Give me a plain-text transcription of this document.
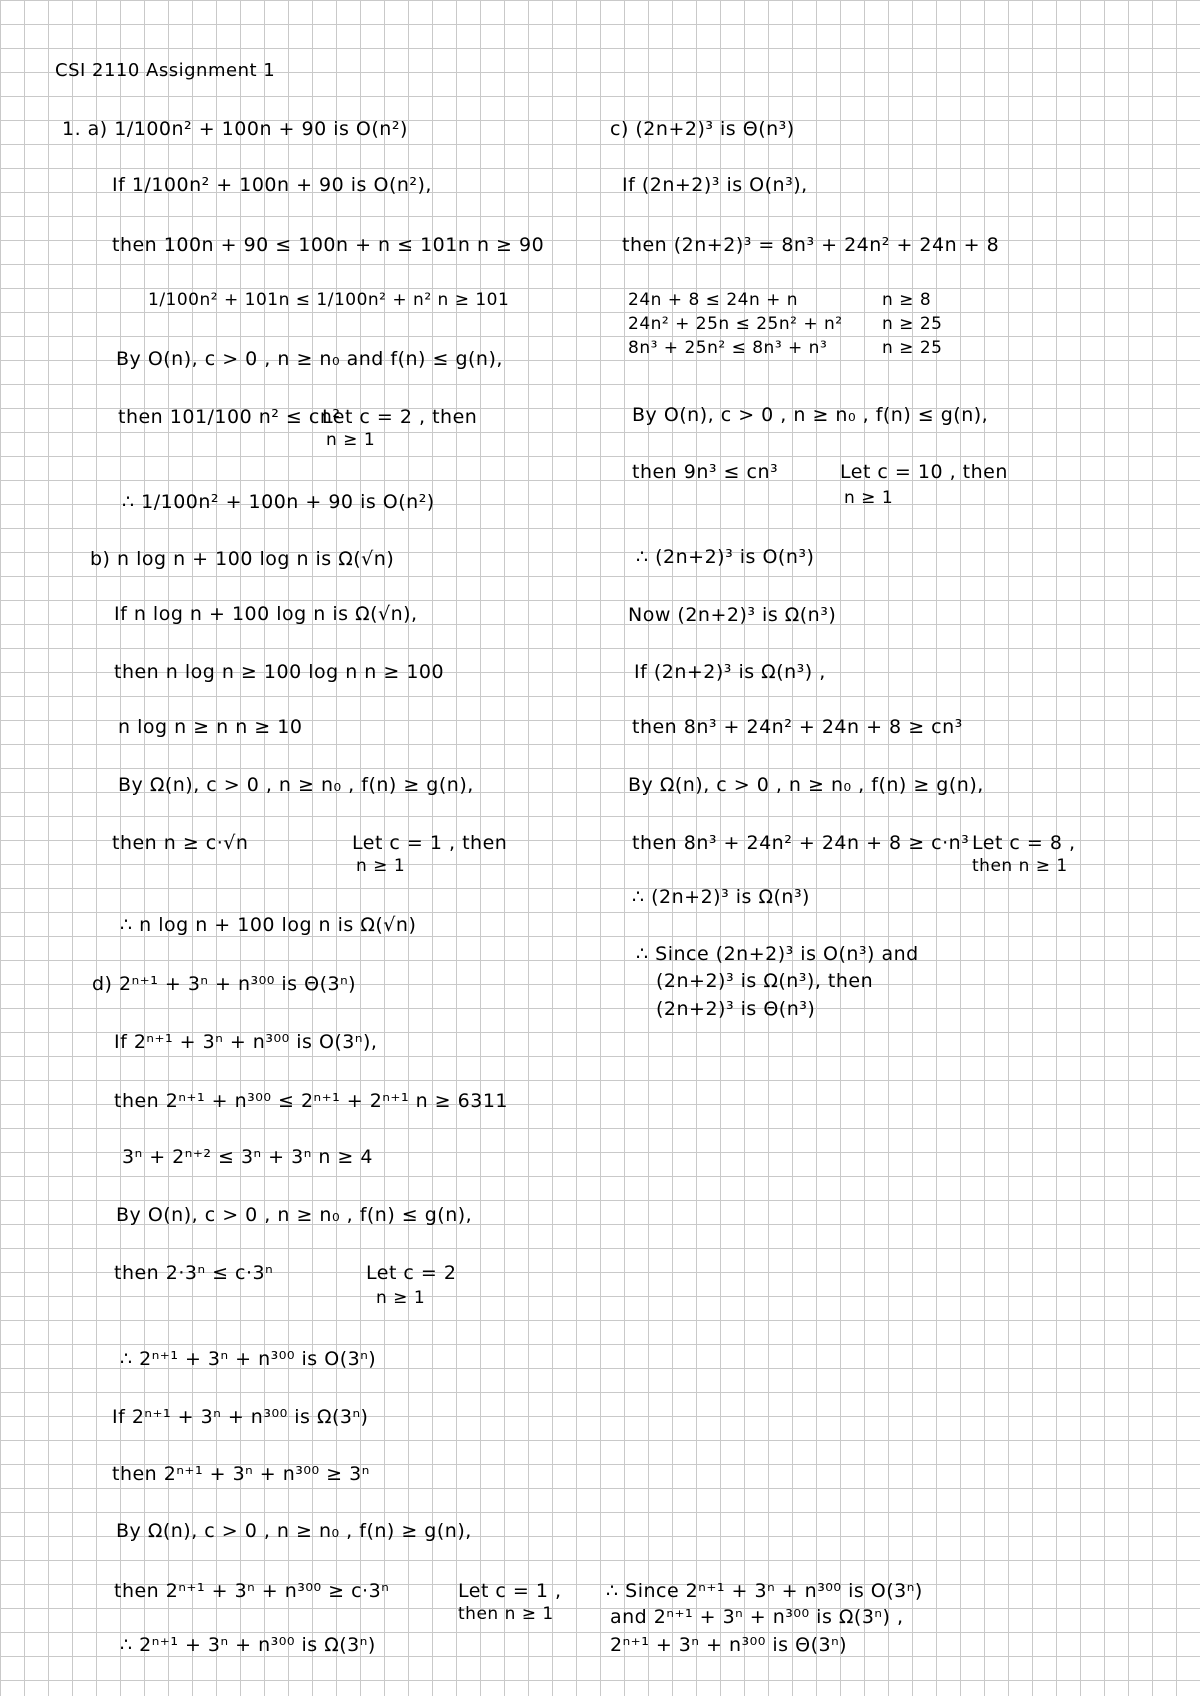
CSI 2110 Assignment 1
1. a) 1/100n² + 100n + 90 is O(n²)
If 1/100n² + 100n + 90 is O(n²),
then 100n + 90 ≤ 100n + n ≤ 101n n ≥ 90
1/100n² + 101n ≤ 1/100n² + n² n ≥ 101
By O(n), c > 0 , n ≥ n₀ and f(n) ≤ g(n),
then 101/100 n² ≤ cn²
Let c = 2 , then
n ≥ 1
∴ 1/100n² + 100n + 90 is O(n²)
b) n log n + 100 log n is Ω(√n)
If n log n + 100 log n is Ω(√n),
then n log n ≥ 100 log n n ≥ 100
n log n ≥ n n ≥ 10
By Ω(n), c > 0 , n ≥ n₀ , f(n) ≥ g(n),
then n ≥ c·√n	Let c = 1 , then
n ≥ 1
∴ n log n + 100 log n is Ω(√n)
d) 2ⁿ⁺¹ + 3ⁿ + n³⁰⁰ is Θ(3ⁿ)
If 2ⁿ⁺¹ + 3ⁿ + n³⁰⁰ is O(3ⁿ),
then 2ⁿ⁺¹ + n³⁰⁰ ≤ 2ⁿ⁺¹ + 2ⁿ⁺¹ n ≥ 6311
3ⁿ + 2ⁿ⁺² ≤ 3ⁿ + 3ⁿ n ≥ 4
By O(n), c > 0 , n ≥ n₀ , f(n) ≤ g(n),
then 2·3ⁿ ≤ c·3ⁿ	Let c = 2
n ≥ 1
∴ 2ⁿ⁺¹ + 3ⁿ + n³⁰⁰ is O(3ⁿ)
If 2ⁿ⁺¹ + 3ⁿ + n³⁰⁰ is Ω(3ⁿ)
then 2ⁿ⁺¹ + 3ⁿ + n³⁰⁰ ≥ 3ⁿ
By Ω(n), c > 0 , n ≥ n₀ , f(n) ≥ g(n),
then 2ⁿ⁺¹ + 3ⁿ + n³⁰⁰ ≥ c·3ⁿ	Let c = 1 ,
then n ≥ 1
∴ 2ⁿ⁺¹ + 3ⁿ + n³⁰⁰ is Ω(3ⁿ)
c) (2n+2)³ is Θ(n³)
If (2n+2)³ is O(n³),
then (2n+2)³ = 8n³ + 24n² + 24n + 8
24n + 8 ≤ 24n + n	n ≥ 8
24n² + 25n ≤ 25n² + n² n ≥ 25
8n³ + 25n² ≤ 8n³ + n³	n ≥ 25
By O(n), c > 0 , n ≥ n₀ , f(n) ≤ g(n),
then 9n³ ≤ cn³	Let c = 10 , then
n ≥ 1
∴ (2n+2)³ is O(n³)
Now (2n+2)³ is Ω(n³)
If (2n+2)³ is Ω(n³) ,
then 8n³ + 24n² + 24n + 8 ≥ cn³
By Ω(n), c > 0 , n ≥ n₀ , f(n) ≥ g(n),
then 8n³ + 24n² + 24n + 8 ≥ c·n³ Let c = 8 ,
then n ≥ 1
∴ (2n+2)³ is Ω(n³)
∴ Since (2n+2)³ is O(n³) and
(2n+2)³ is Ω(n³), then
(2n+2)³ is Θ(n³)
∴ Since 2ⁿ⁺¹ + 3ⁿ + n³⁰⁰ is O(3ⁿ)
and 2ⁿ⁺¹ + 3ⁿ + n³⁰⁰ is Ω(3ⁿ) ,
2ⁿ⁺¹ + 3ⁿ + n³⁰⁰ is Θ(3ⁿ)
